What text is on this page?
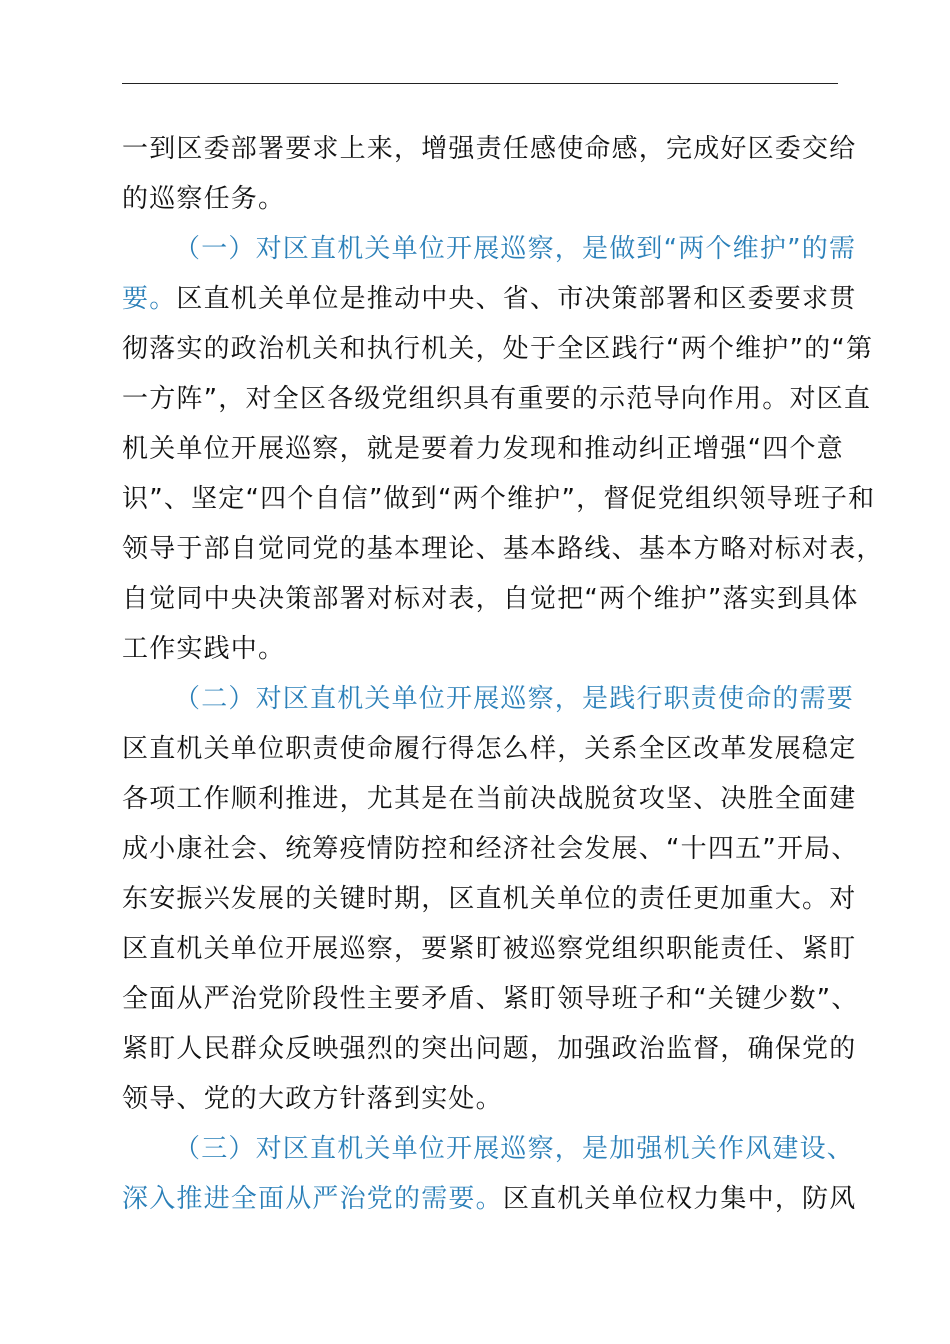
一到区委部署要求上来，增强责任感使命感，完成好区委交给
的巡察任务。
（一）对区直机关单位开展巡察，是做到“两个维护”的需
要。区直机关单位是推动中央、省、市决策部署和区委要求贯
彻落实的政治机关和执行机关，处于全区践行“两个维护”的“第
一方阵”，对全区各级党组织具有重要的示范导向作用。对区直
机关单位开展巡察，就是要着力发现和推动纠正增强“四个意
识”、坚定“四个自信”做到“两个维护”，督促党组织领导班子和
领导于部自觉同党的基本理论、基本路线、基本方略对标对表，
自觉同中央决策部署对标对表，自觉把“两个维护”落实到具体
工作实践中。
（二）对区直机关单位开展巡察，是践行职责使命的需要
区直机关单位职责使命履行得怎么样，关系全区改革发展稳定
各项工作顺利推进，尤其是在当前决战脱贫攻坚、决胜全面建
成小康社会、统筹疫情防控和经济社会发展、“十四五”开局、
东安振兴发展的关键时期，区直机关单位的责任更加重大。对
区直机关单位开展巡察，要紧盯被巡察党组织职能责任、紧盯
全面从严治党阶段性主要矛盾、紧盯领导班子和“关键少数”、
紧盯人民群众反映强烈的突出问题，加强政治监督，确保党的
领导、党的大政方针落到实处。
（三）对区直机关单位开展巡察，是加强机关作风建设、
深入推进全面从严治党的需要。区直机关单位权力集中，防风
